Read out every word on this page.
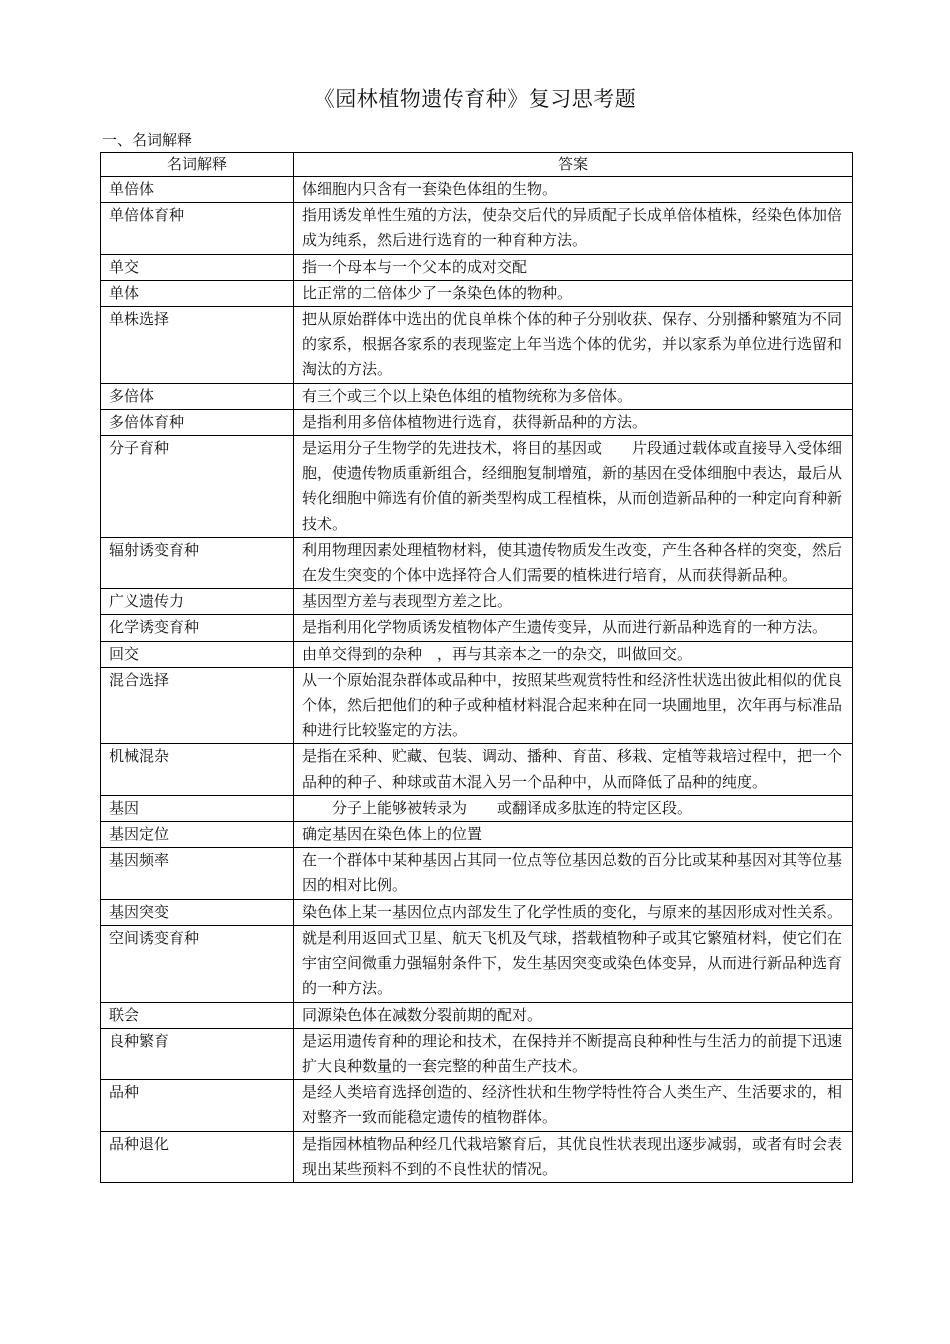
《园林植物遗传育种》复习思考题
一、名词解释
名词解释	答案
单倍体	体细胞内只含有一套染色体组的生物。
单倍体育种	指用诱发单性生殖的方法，使杂交后代的异质配子长成单倍体植株，经染色体加倍成为纯系，然后进行选育的一种育种方法。
单交	指一个母本与一个父本的成对交配
单体	比正常的二倍体少了一条染色体的物种。
单株选择	把从原始群体中选出的优良单株个体的种子分别收获、保存、分别播种繁殖为不同的家系，根据各家系的表现鉴定上年当选个体的优劣，并以家系为单位进行选留和淘汰的方法。
多倍体	有三个或三个以上染色体组的植物统称为多倍体。
多倍体育种	是指利用多倍体植物进行选育，获得新品种的方法。
分子育种	是运用分子生物学的先进技术，将目的基因或　　片段通过载体或直接导入受体细胞，使遗传物质重新组合，经细胞复制增殖，新的基因在受体细胞中表达，最后从转化细胞中筛选有价值的新类型构成工程植株，从而创造新品种的一种定向育种新技术。
辐射诱变育种	利用物理因素处理植物材料，使其遗传物质发生改变，产生各种各样的突变，然后在发生突变的个体中选择符合人们需要的植株进行培育，从而获得新品种。
广义遗传力	基因型方差与表现型方差之比。
化学诱变育种	是指利用化学物质诱发植物体产生遗传变异，从而进行新品种选育的一种方法。
回交	由单交得到的杂种　，再与其亲本之一的杂交，叫做回交。
混合选择	从一个原始混杂群体或品种中，按照某些观赏特性和经济性状选出彼此相似的优良个体，然后把他们的种子或种植材料混合起来种在同一块圃地里，次年再与标准品种进行比较鉴定的方法。
机械混杂	是指在采种、贮藏、包装、调动、播种、育苗、移栽、定植等栽培过程中，把一个品种的种子、种球或苗木混入另一个品种中，从而降低了品种的纯度。
基因	　　分子上能够被转录为　　或翻译成多肽连的特定区段。
基因定位	确定基因在染色体上的位置
基因频率	在一个群体中某种基因占其同一位点等位基因总数的百分比或某种基因对其等位基因的相对比例。
基因突变	染色体上某一基因位点内部发生了化学性质的变化，与原来的基因形成对性关系。
空间诱变育种	就是利用返回式卫星、航天飞机及气球，搭载植物种子或其它繁殖材料，使它们在宇宙空间微重力强辐射条件下，发生基因突变或染色体变异，从而进行新品种选育的一种方法。
联会	同源染色体在减数分裂前期的配对。
良种繁育	是运用遗传育种的理论和技术，在保持并不断提高良种种性与生活力的前提下迅速扩大良种数量的一套完整的种苗生产技术。
品种	是经人类培育选择创造的、经济性状和生物学特性符合人类生产、生活要求的，相对整齐一致而能稳定遗传的植物群体。
品种退化	是指园林植物品种经几代栽培繁育后，其优良性状表现出逐步减弱，或者有时会表现出某些预料不到的不良性状的情况。
